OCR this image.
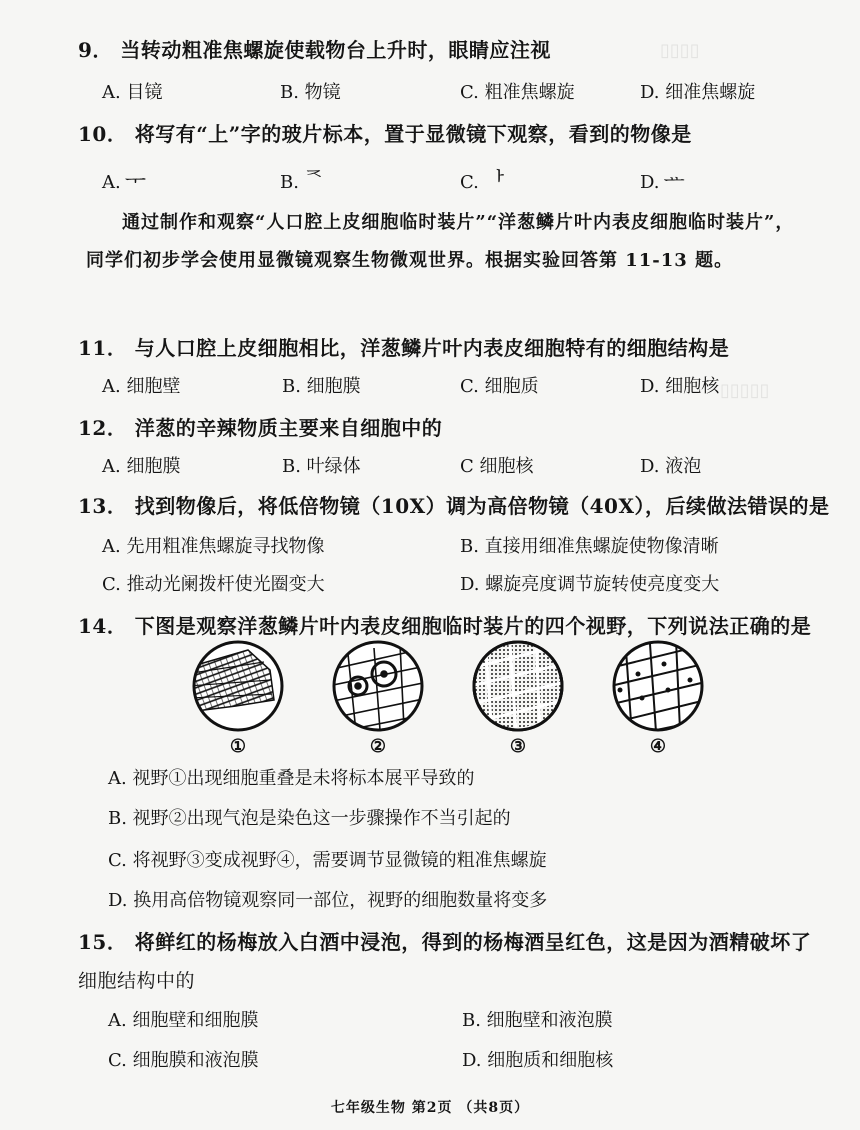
▯▯▯▯
▯▯▯▯▯
9． 当转动粗准焦螺旋使载物台上升时，眼睛应注视
A. 目镜	B. 物镜	C. 粗准焦螺旋	D. 细准焦螺旋
10． 将写有“上”字的玻片标本，置于显微镜下观察，看到的物像是
A. ᅮ	B. ᅐ	C. ᅡ	D. ᅭ
通过制作和观察“人口腔上皮细胞临时装片”“洋葱鳞片叶内表皮细胞临时装片”，同学们初步学会使用显微镜观察生物微观世界。根据实验回答第 11-13 题。
11． 与人口腔上皮细胞相比，洋葱鳞片叶内表皮细胞特有的细胞结构是
A. 细胞壁	B. 细胞膜	C. 细胞质	D. 细胞核
12． 洋葱的辛辣物质主要来自细胞中的
A. 细胞膜	B. 叶绿体	C 细胞核	D. 液泡
13． 找到物像后，将低倍物镜（10X）调为高倍物镜（40X），后续做法错误的是
A. 先用粗准焦螺旋寻找物像	B. 直接用细准焦螺旋使物像清晰
C. 推动光阑拨杆使光圈变大	D. 螺旋亮度调节旋转使亮度变大
14． 下图是观察洋葱鳞片叶内表皮细胞临时装片的四个视野，下列说法正确的是
①	②	③	④
A. 视野①出现细胞重叠是未将标本展平导致的
B. 视野②出现气泡是染色这一步骤操作不当引起的
C. 将视野③变成视野④，需要调节显微镜的粗准焦螺旋
D. 换用高倍物镜观察同一部位，视野的细胞数量将变多
15． 将鲜红的杨梅放入白酒中浸泡，得到的杨梅酒呈红色，这是因为酒精破坏了
细胞结构中的
A. 细胞壁和细胞膜	B. 细胞壁和液泡膜
C. 细胞膜和液泡膜	D. 细胞质和细胞核
七年级生物 第2页 （共8页）
